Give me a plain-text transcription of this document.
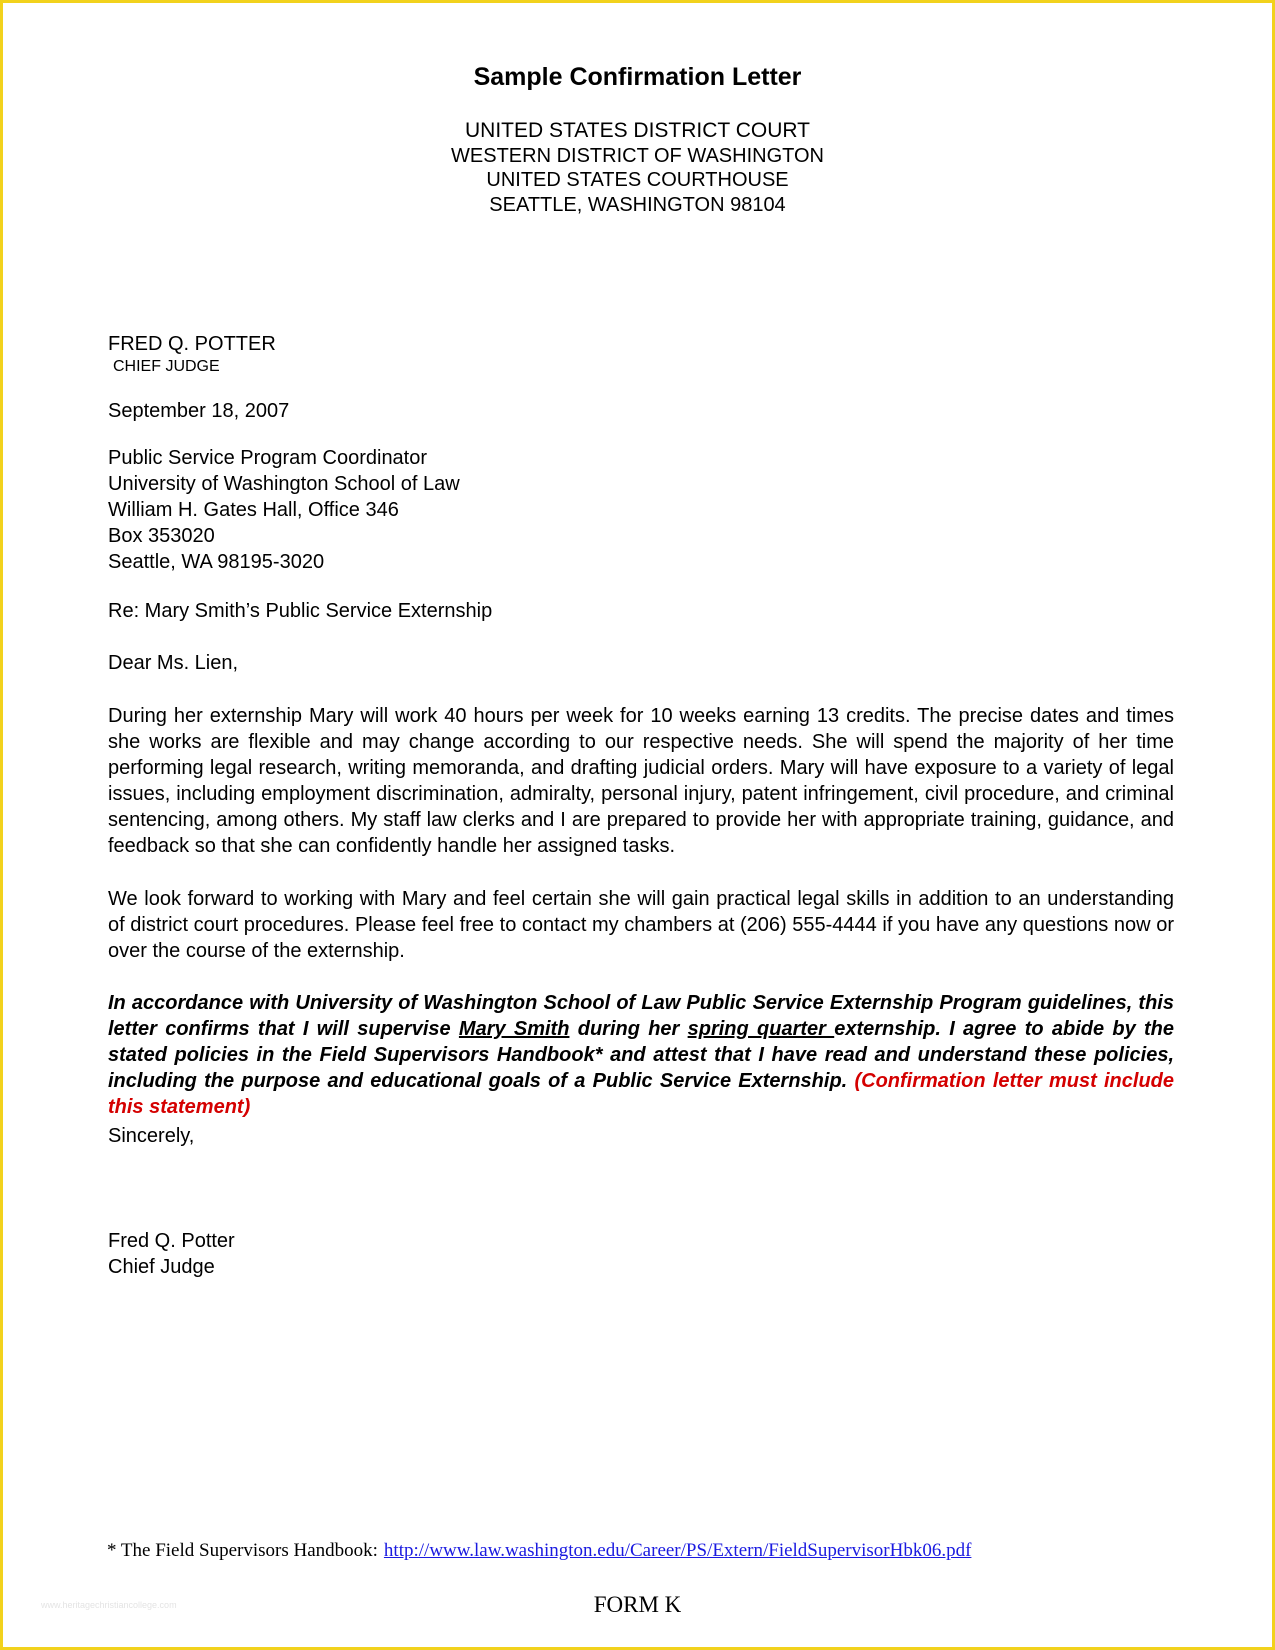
Sample Confirmation Letter
UNITED STATES DISTRICT COURT
WESTERN DISTRICT OF WASHINGTON
UNITED STATES COURTHOUSE
SEATTLE, WASHINGTON 98104
FRED Q. POTTER
CHIEF JUDGE
September 18, 2007
Public Service Program Coordinator
University of Washington School of Law
William H. Gates Hall, Office 346
Box 353020
Seattle, WA 98195-3020
Re: Mary Smith’s Public Service Externship
Dear Ms. Lien,
During her externship Mary will work 40 hours per week for 10 weeks earning 13 credits. The precise dates and times she works are flexible and may change according to our respective needs. She will spend the majority of her time performing legal research, writing memoranda, and drafting judicial orders. Mary will have exposure to a variety of legal issues, including employment discrimination, admiralty, personal injury, patent infringement, civil procedure, and criminal sentencing, among others. My staff law clerks and I are prepared to provide her with appropriate training, guidance, and feedback so that she can confidently handle her assigned tasks.
We look forward to working with Mary and feel certain she will gain practical legal skills in addition to an understanding of district court procedures. Please feel free to contact my chambers at (206) 555-4444 if you have any questions now or over the course of the externship.
In accordance with University of Washington School of Law Public Service Externship Program guidelines, this letter confirms that I will supervise Mary Smith during her spring quarter externship. I agree to abide by the stated policies in the Field Supervisors Handbook* and attest that I have read and understand these policies, including the purpose and educational goals of a Public Service Externship. (Confirmation letter must include this statement)
Sincerely,
Fred Q. Potter
Chief Judge
* The Field Supervisors Handbook: http://www.law.washington.edu/Career/PS/Extern/FieldSupervisorHbk06.pdf
FORM K
www.heritagechristiancollege.com
